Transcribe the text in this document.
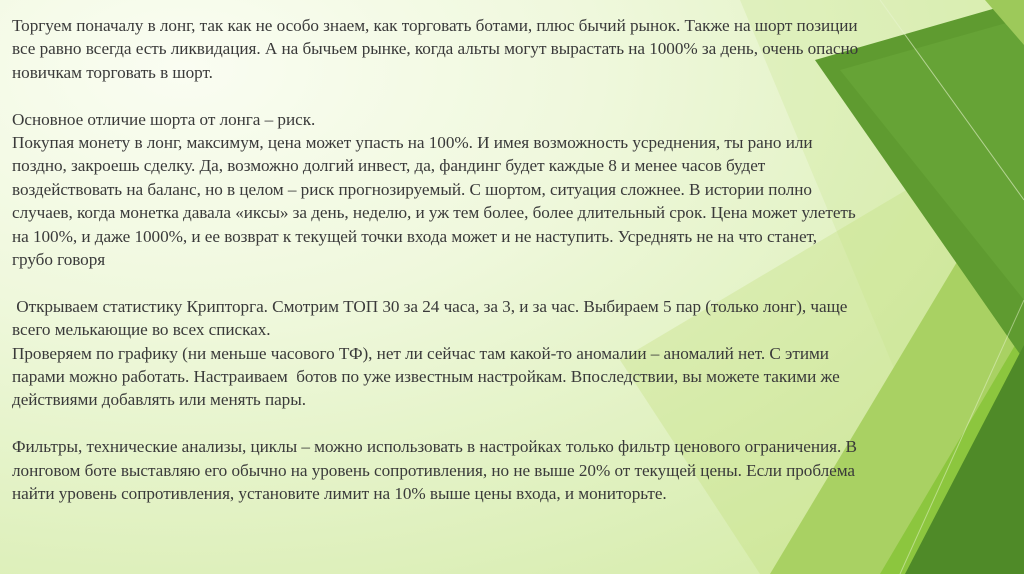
Торгуем поначалу в лонг, так как не особо знаем, как торговать ботами, плюс бычий рынок. Также на шорт позиции все равно всегда есть ликвидация. А на бычьем рынке, когда альты могут вырастать на 1000% за день, очень опасно новичкам торговать в шорт.

Основное отличие шорта от лонга – риск.

Покупая монету в лонг, максимум, цена может упасть на 100%. И имея возможность усреднения, ты рано или поздно, закроешь сделку. Да, возможно долгий инвест, да, фандинг будет каждые 8 и менее часов будет воздействовать на баланс, но в целом – риск прогнозируемый. С шортом, ситуация сложнее. В истории полно случаев, когда монетка давала «иксы» за день, неделю, и уж тем более, более длительный срок. Цена может улететь на 100%, и даже 1000%, и ее возврат к текущей точки входа может и не наступить. Усреднять не на что станет, грубо говоря

Открываем статистику Крипторга. Смотрим ТОП 30 за 24 часа, за 3, и за час. Выбираем 5 пар (только лонг), чаще всего мелькающие во всех списках.

Проверяем по графику (ни меньше часового ТФ), нет ли сейчас там какой-то аномалии – аномалий нет. С этими парами можно работать. Настраиваем  ботов по уже известным настройкам. Впоследствии, вы можете такими же действиями добавлять или менять пары.

Фильтры, технические анализы, циклы – можно использовать в настройках только фильтр ценового ограничения. В лонговом боте выставляю его обычно на уровень сопротивления, но не выше 20% от текущей цены. Если проблема найти уровень сопротивления, установите лимит на 10% выше цены входа, и мониторьте.
